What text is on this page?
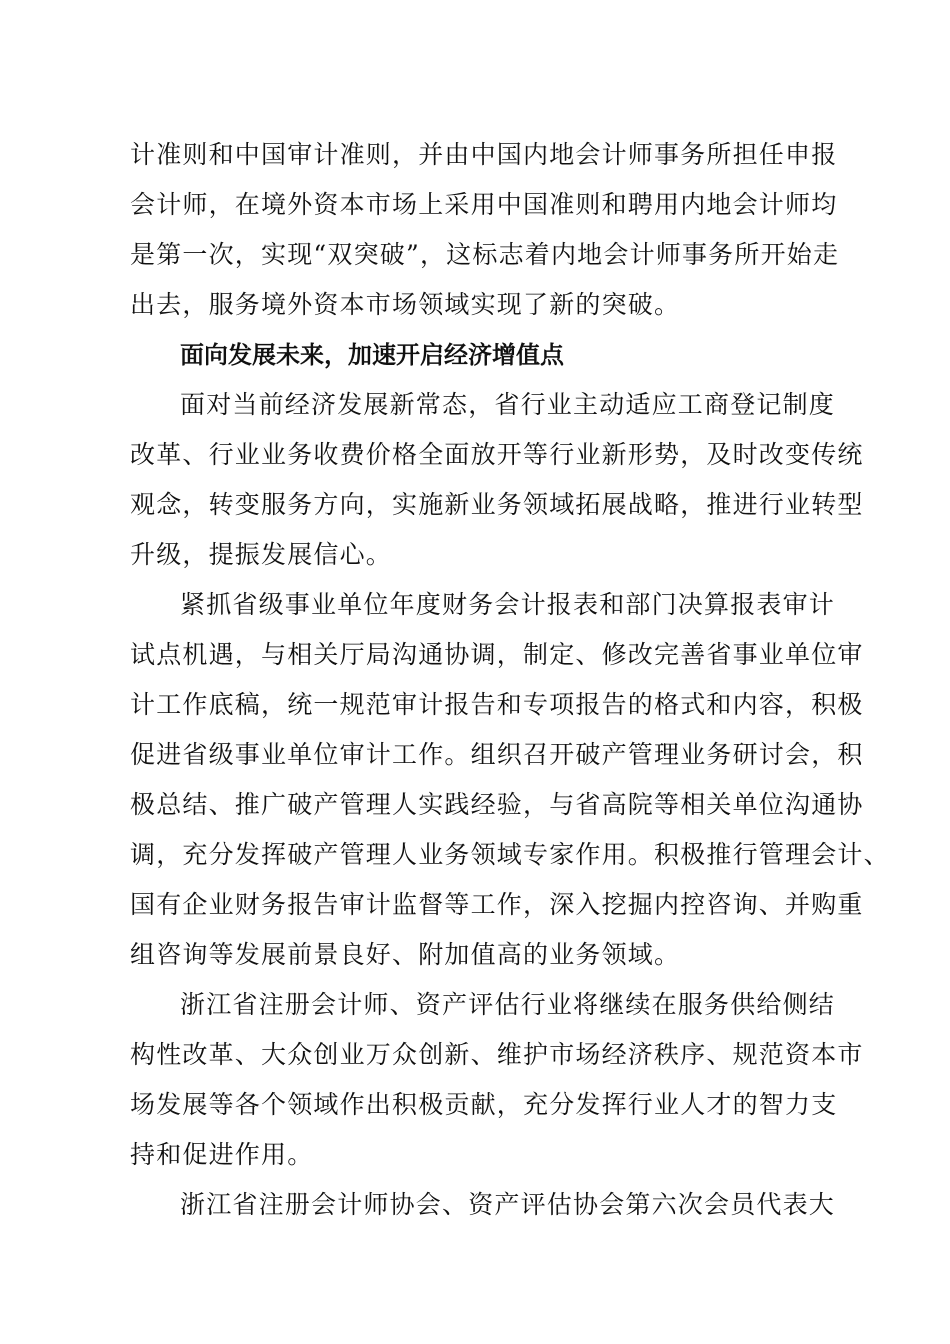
计准则和中国审计准则，并由中国内地会计师事务所担任申报
会计师，在境外资本市场上采用中国准则和聘用内地会计师均
是第一次，实现“双突破”，这标志着内地会计师事务所开始走
出去，服务境外资本市场领域实现了新的突破。
面向发展未来，加速开启经济增值点
面对当前经济发展新常态，省行业主动适应工商登记制度
改革、行业业务收费价格全面放开等行业新形势，及时改变传统
观念，转变服务方向，实施新业务领域拓展战略，推进行业转型
升级，提振发展信心。
紧抓省级事业单位年度财务会计报表和部门决算报表审计
试点机遇，与相关厅局沟通协调，制定、修改完善省事业单位审
计工作底稿，统一规范审计报告和专项报告的格式和内容，积极
促进省级事业单位审计工作。组织召开破产管理业务研讨会，积
极总结、推广破产管理人实践经验，与省高院等相关单位沟通协
调，充分发挥破产管理人业务领域专家作用。积极推行管理会计、
国有企业财务报告审计监督等工作，深入挖掘内控咨询、并购重
组咨询等发展前景良好、附加值高的业务领域。
浙江省注册会计师、资产评估行业将继续在服务供给侧结
构性改革、大众创业万众创新、维护市场经济秩序、规范资本市
场发展等各个领域作出积极贡献，充分发挥行业人才的智力支
持和促进作用。
浙江省注册会计师协会、资产评估协会第六次会员代表大
